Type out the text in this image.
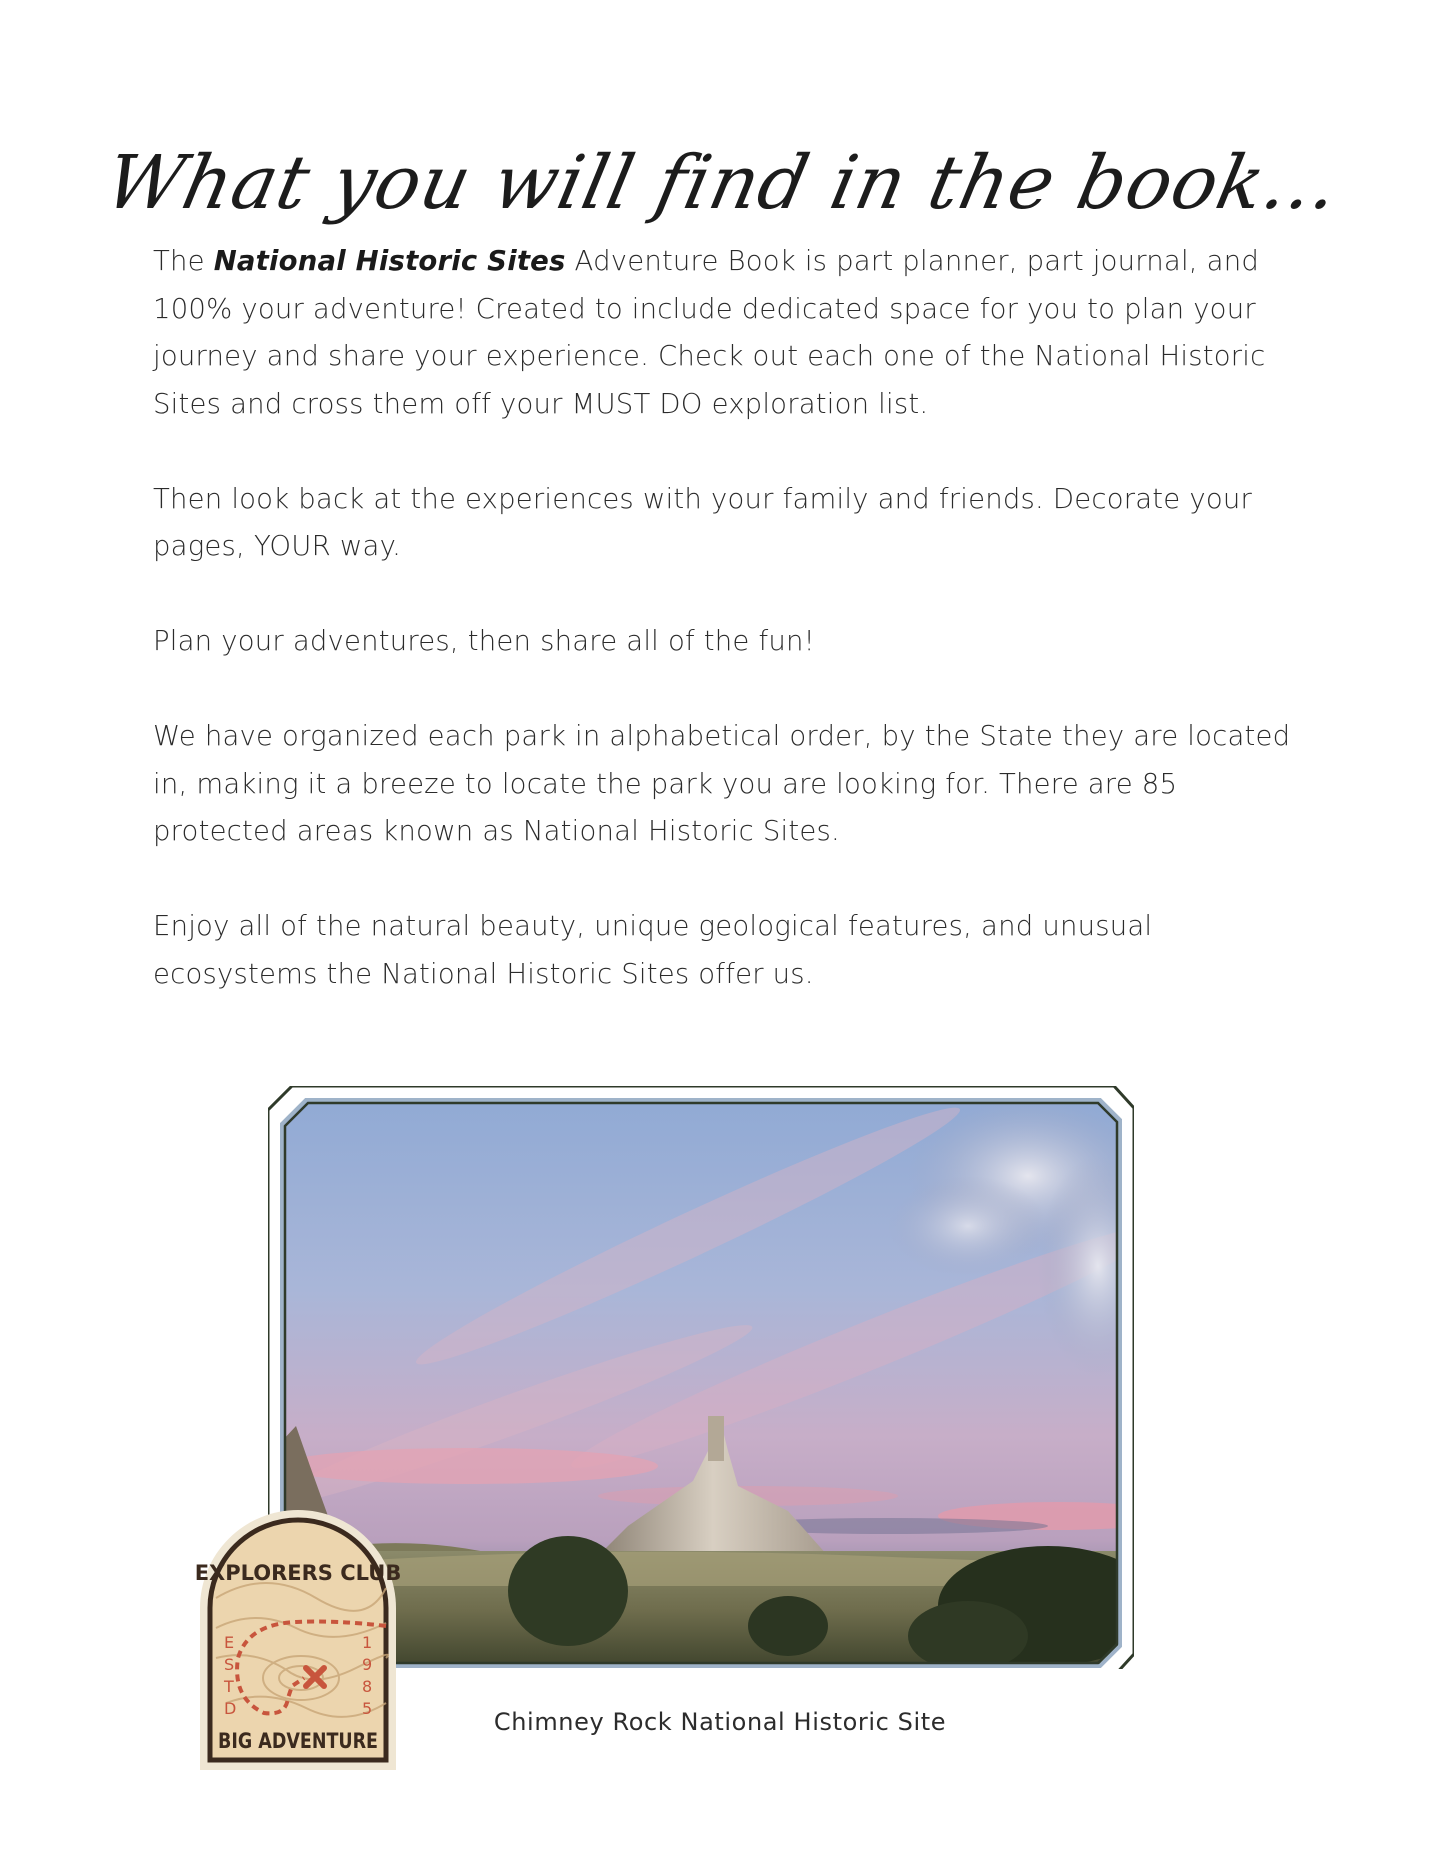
What you will find in the book...

The National Historic Sites Adventure Book is part planner, part journal, and 100% your adventure! Created to include dedicated space for you to plan your journey and share your experience. Check out each one of the National Historic Sites and cross them off your MUST DO exploration list.

Then look back at the experiences with your family and friends. Decorate your pages, YOUR way.

Plan your adventures, then share all of the fun!

We have organized each park in alphabetical order, by the State they are located in, making it a breeze to locate the park you are looking for. There are 85 protected areas known as National Historic Sites.

Enjoy all of the natural beauty, unique geological features, and unusual ecosystems the National Historic Sites offer us.

Chimney Rock National Historic Site
EXPLORERS CLUB
E
S
T
D
1
9
8
5
BIG ADVENTURE
